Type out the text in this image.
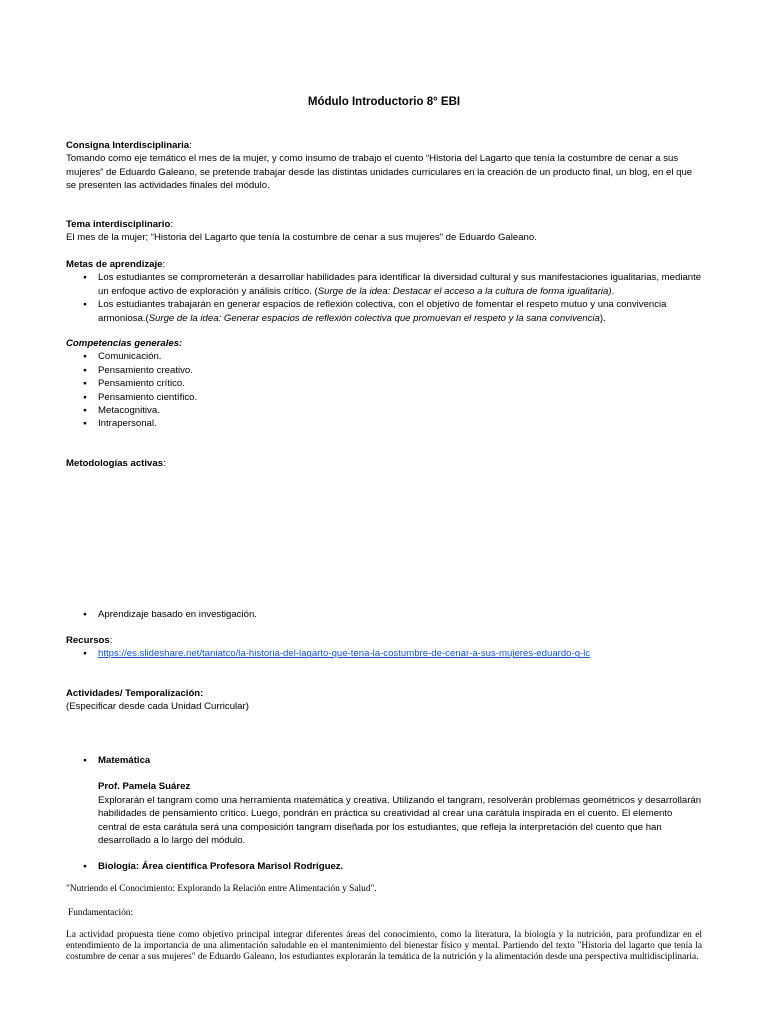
Módulo Introductorio 8° EBI

Consigna Interdisciplinaria:

Tomando como eje temático el mes de la mujer, y como insumo de trabajo el cuento “Historia del Lagarto que tenía la costumbre de cenar a sus mujeres” de Eduardo Galeano, se pretende trabajar desde las distintas unidades curriculares en la creación de un producto final, un blog, en el que se presenten las actividades finales del módulo.

Tema interdisciplinario:

El mes de la mujer; “Historia del Lagarto que tenía la costumbre de cenar a sus mujeres” de Eduardo Galeano.

Metas de aprendizaje:

● Los estudiantes se comprometerán a desarrollar habilidades para identificar la diversidad cultural y sus manifestaciones igualitarias, mediante un enfoque activo de exploración y análisis crítico. (Surge de la idea: Destacar el acceso a la cultura de forma igualitaria).
● Los estudiantes trabajarán en generar espacios de reflexión colectiva, con el objetivo de fomentar el respeto mutuo y una convivencia armoniosa.(Surge de la idea: Generar espacios de reflexión colectiva que promuevan el respeto y la sana convivencia).

Competencias generales:

● Comunicación.
● Pensamiento creativo.
● Pensamiento crítico.
● Pensamiento científico.
● Metacognitiva.
● Intrapersonal.

Metodologías activas:

● Aprendizaje basado en investigación.

Recursos:

● https://es.slideshare.net/taniatco/la-historia-del-lagarto-que-tena-la-costumbre-de-cenar-a-sus-mujeres-eduardo-g-lc

Actividades/ Temporalización:

(Especificar desde cada Unidad Curricular)

● Matemática

Prof. Pamela Suárez

Explorarán el tangram como una herramienta matemática y creativa. Utilizando el tangram, resolverán problemas geométricos y desarrollarán habilidades de pensamiento crítico. Luego, pondrán en práctica su creatividad al crear una carátula inspirada en el cuento. El elemento central de esta carátula será una composición tangram diseñada por los estudiantes, que refleja la interpretación del cuento que han desarrollado a lo largo del módulo.

● Biología: Área científica Profesora Marisol Rodríguez.
"Nutriendo el Conocimiento: Explorando la Relación entre Alimentación y Salud".
Fundamentación:
La actividad propuesta tiene como objetivo principal integrar diferentes áreas del conocimiento, como la literatura, la biología y la nutrición, para profundizar en el entendimiento de la importancia de una alimentación saludable en el mantenimiento del bienestar físico y mental. Partiendo del texto "Historia del lagarto que tenía la costumbre de cenar a sus mujeres" de Eduardo Galeano, los estudiantes explorarán la temática de la nutrición y la alimentación desde una perspectiva multidisciplinaria.
